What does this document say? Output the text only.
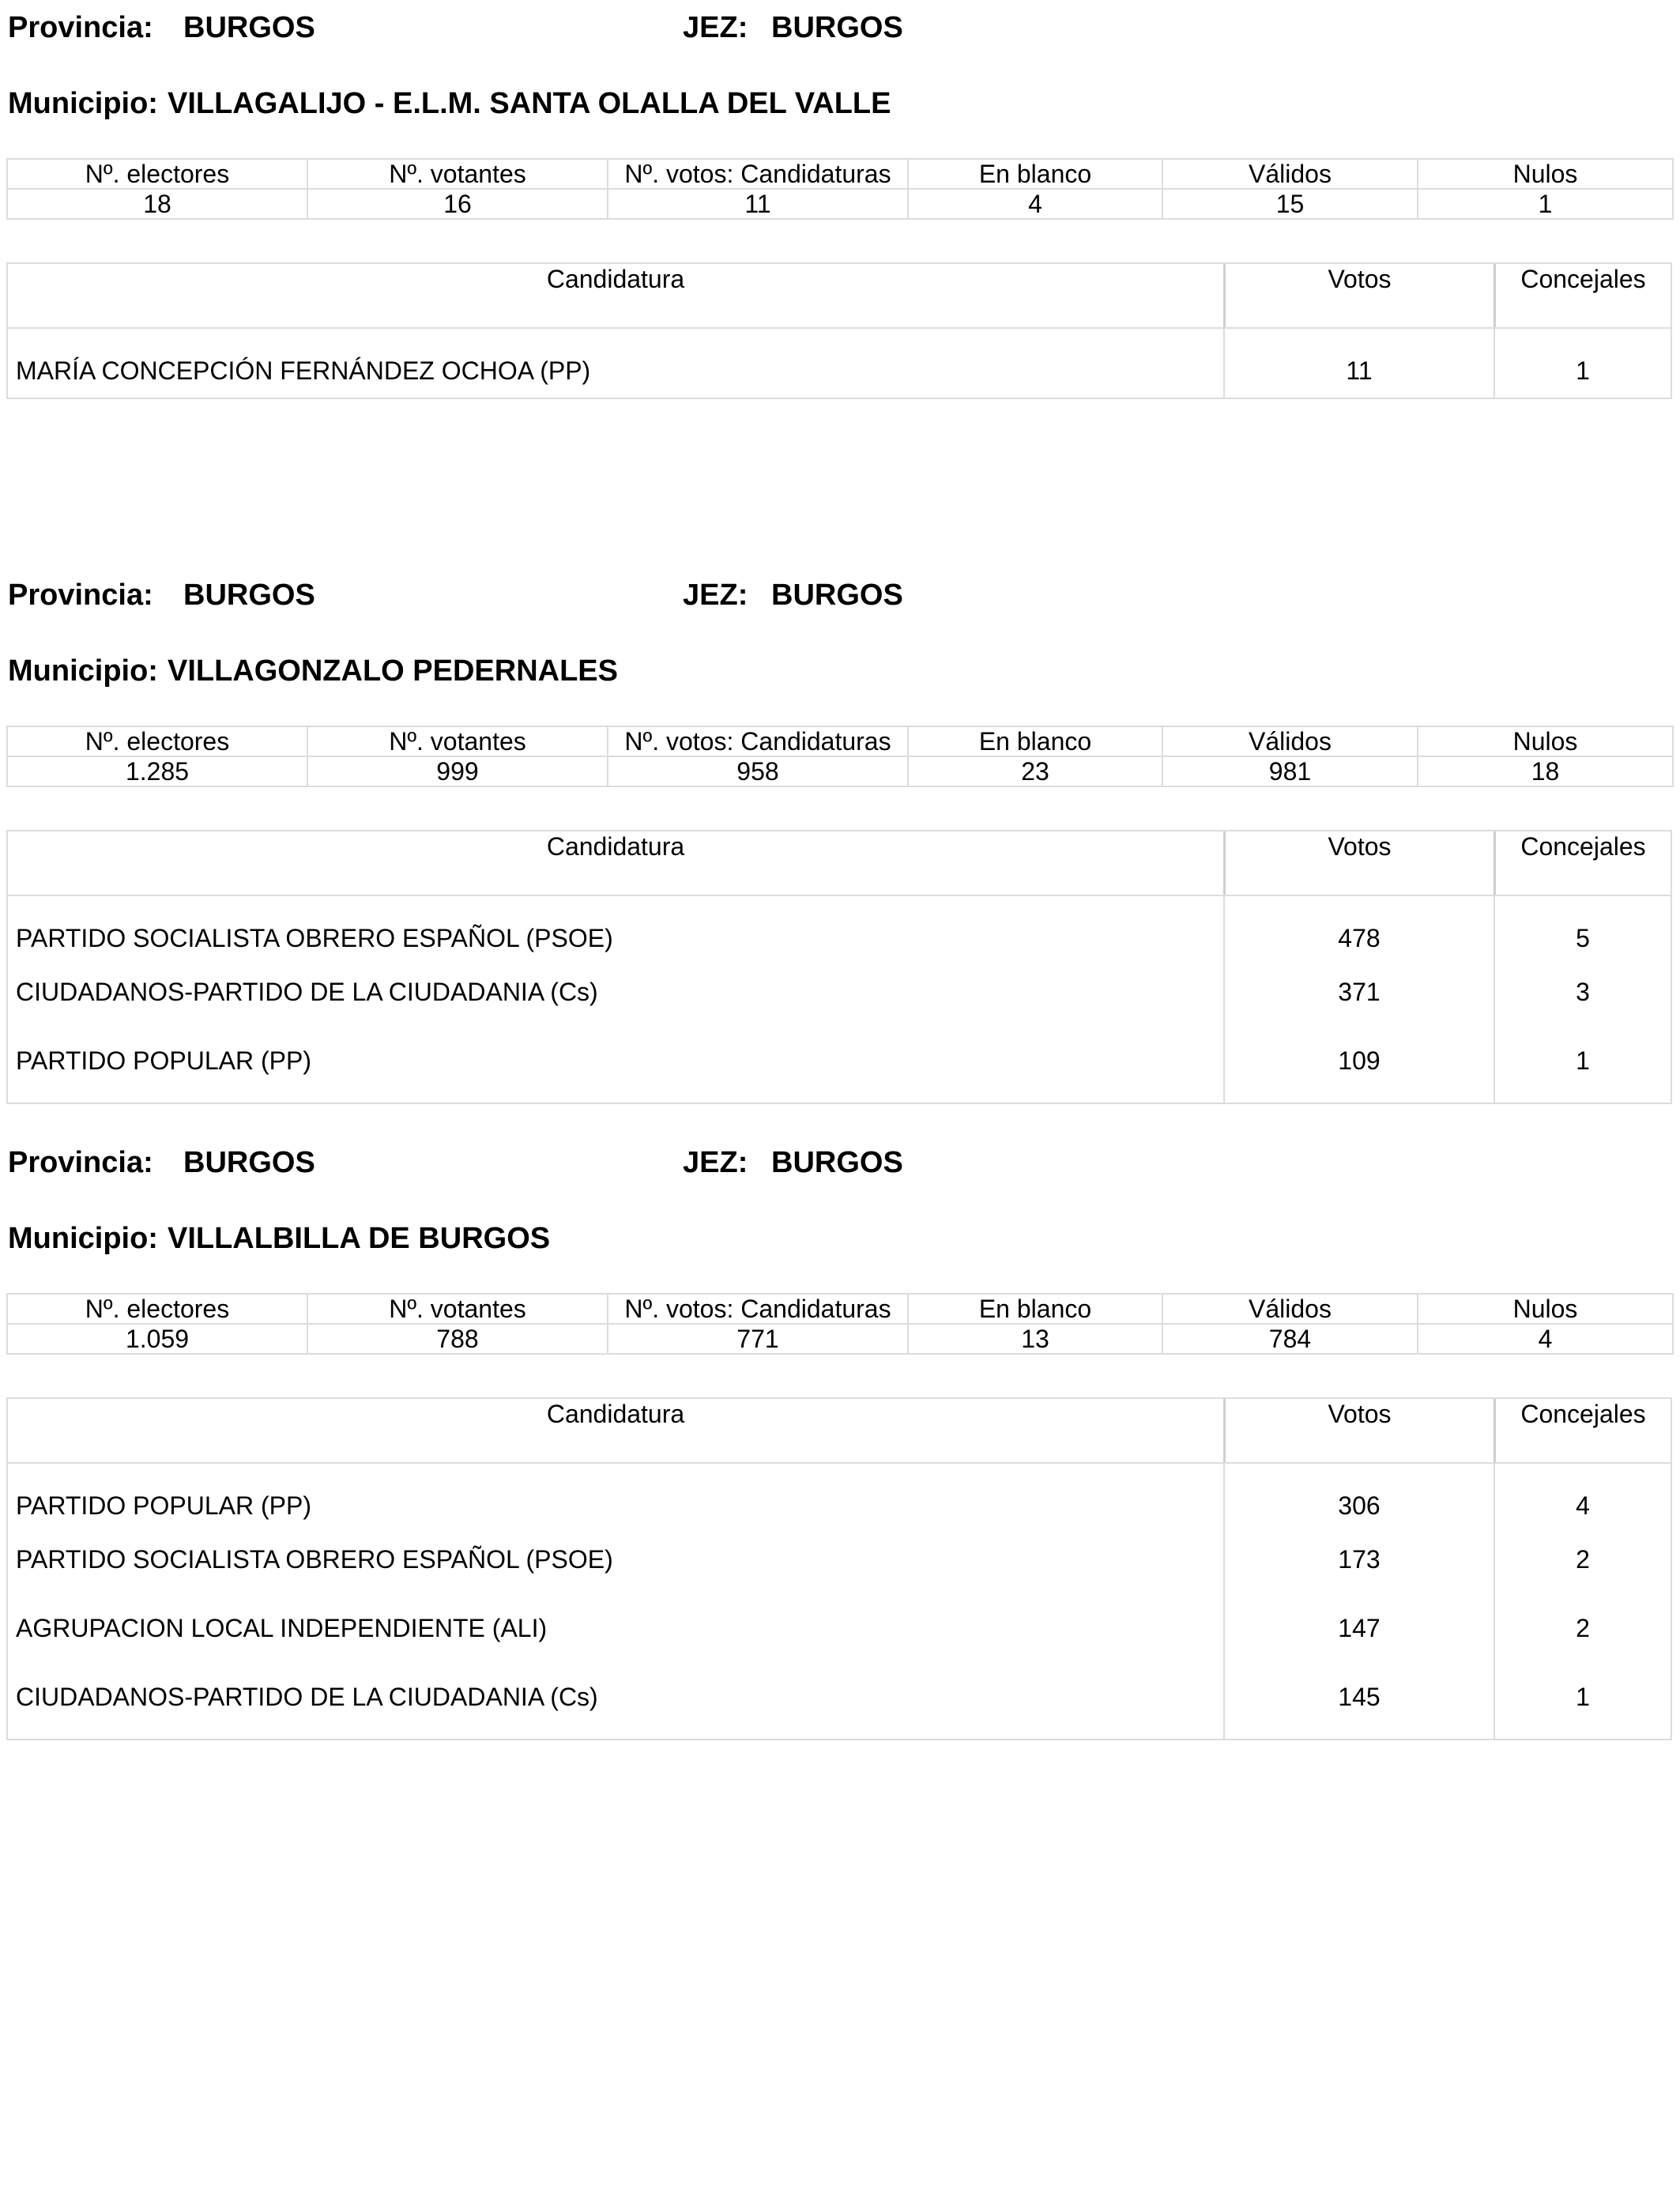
Provincia: BURGOS	JEZ: BURGOS
Municipio: VILLAGALIJO - E.L.M. SANTA OLALLA DEL VALLE
Nº. electores	Nº. votantes	Nº. votos: Candidaturas	En blanco	Válidos	Nulos
18	16	11	4	15	1
Candidatura	Votos	Concejales
MARÍA CONCEPCIÓN FERNÁNDEZ OCHOA (PP)	11	1
Provincia: BURGOS	JEZ: BURGOS
Municipio: VILLAGONZALO PEDERNALES
Nº. electores	Nº. votantes	Nº. votos: Candidaturas	En blanco	Válidos	Nulos
1.285	999	958	23	981	18
Candidatura	Votos	Concejales
PARTIDO SOCIALISTA OBRERO ESPAÑOL (PSOE)	478	5
CIUDADANOS-PARTIDO DE LA CIUDADANIA (Cs)	371	3
PARTIDO POPULAR (PP)	109	1
Provincia: BURGOS	JEZ: BURGOS
Municipio: VILLALBILLA DE BURGOS
Nº. electores	Nº. votantes	Nº. votos: Candidaturas	En blanco	Válidos	Nulos
1.059	788	771	13	784	4
Candidatura	Votos	Concejales
PARTIDO POPULAR (PP)	306	4
PARTIDO SOCIALISTA OBRERO ESPAÑOL (PSOE)	173	2
AGRUPACION LOCAL INDEPENDIENTE (ALI)	147	2
CIUDADANOS-PARTIDO DE LA CIUDADANIA (Cs)	145	1
